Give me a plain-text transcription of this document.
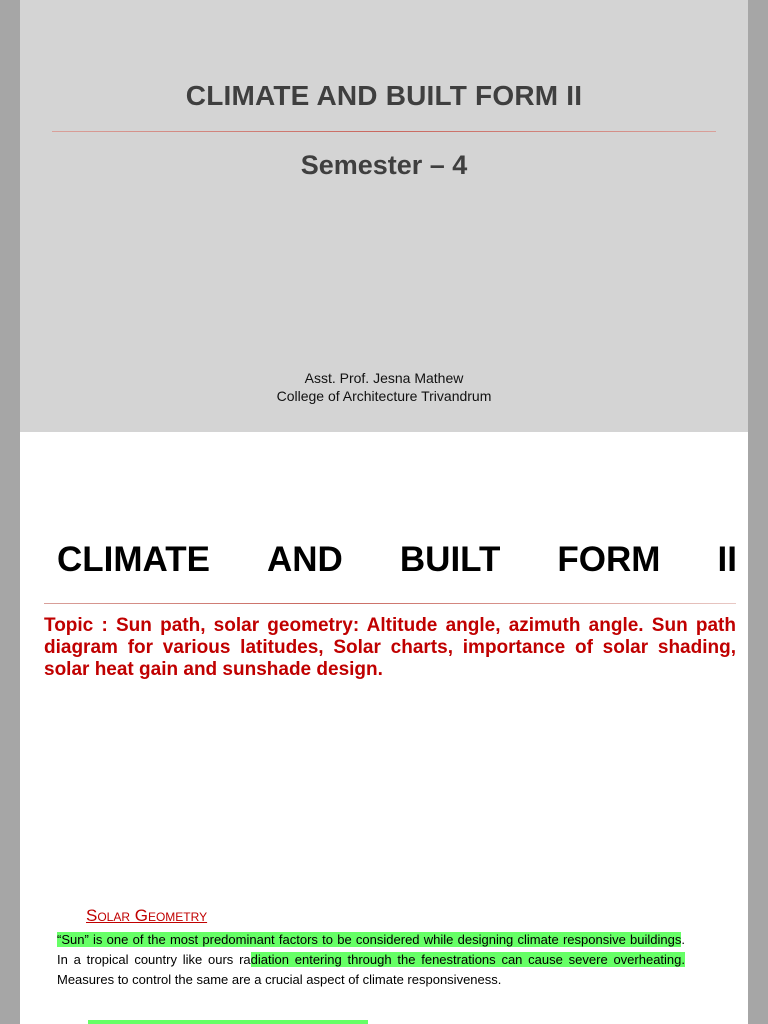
CLIMATE AND BUILT FORM II
Semester – 4
Asst. Prof. Jesna Mathew
College of Architecture Trivandrum
CLIMATE AND BUILT FORM II
Topic : Sun path, solar geometry: Altitude angle, azimuth angle. Sun path diagram for various latitudes, Solar charts, importance of solar shading, solar heat gain and sunshade design.
Solar Geometry
“Sun” is one of the most predominant factors to be considered while designing climate responsive buildings. In a tropical country like ours radiation entering through the fenestrations can cause severe overheating. Measures to control the same are a crucial aspect of climate responsiveness.
